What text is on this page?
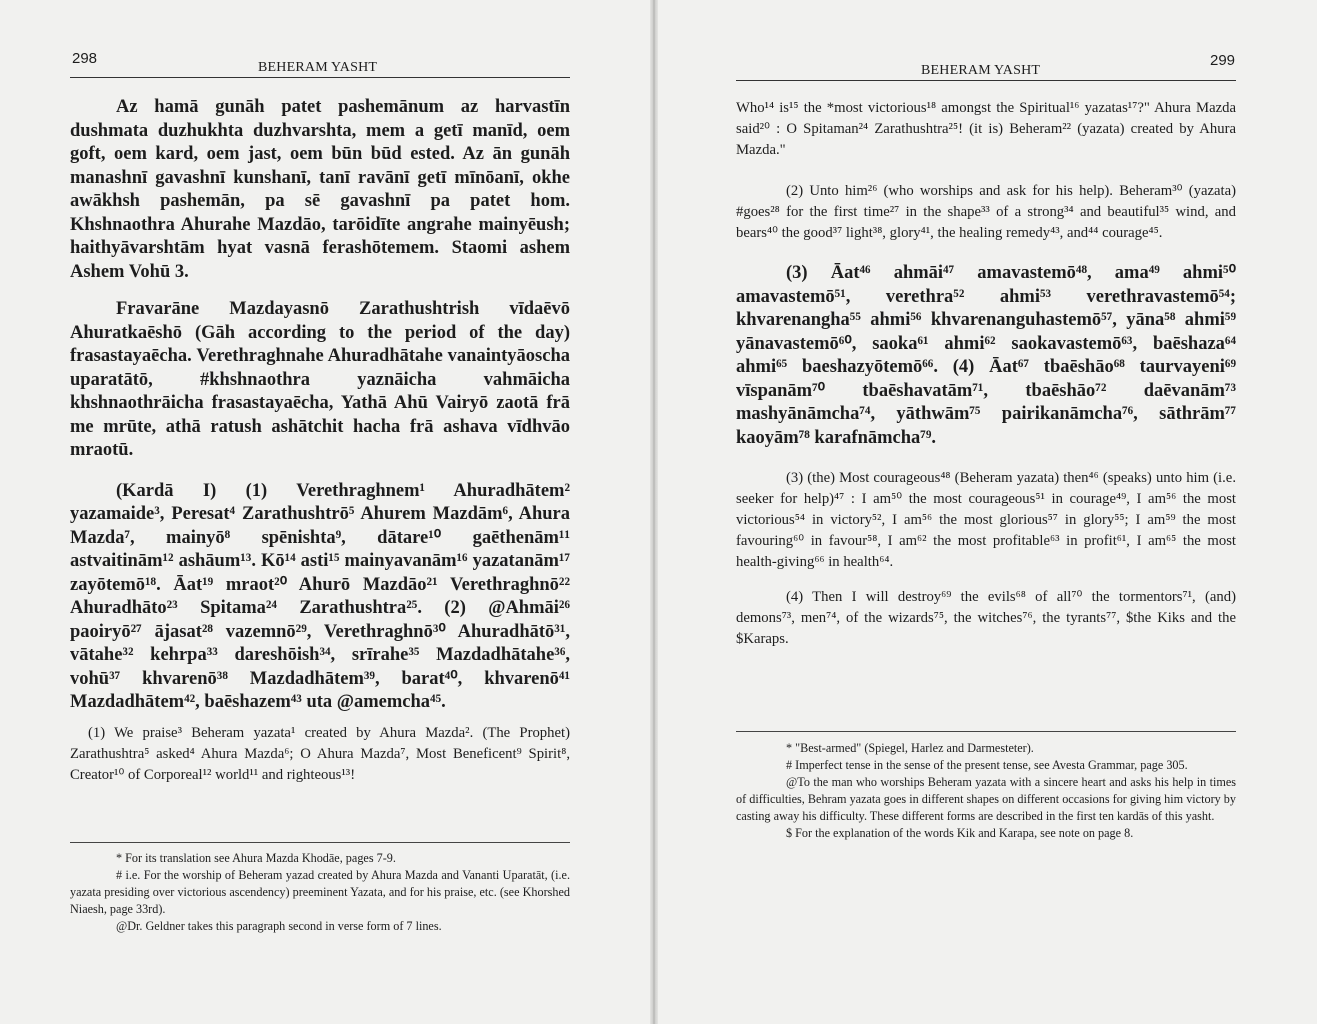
298
BEHERAM YASHT

Az hamā gunāh patet pashemānum az harvastīn dushmata duzhukhta duzhvarshta, mem a getī manīd, oem goft, oem kard, oem jast, oem būn būd ested. Az ān gunāh manashnī gavashnī kunshanī, tanī ravānī getī mīnōanī, okhe awākhsh pashemān, pa sē gavashnī pa patet hom. Khshnaothra Ahurahe Mazdāo, tarōidīte angrahe mainyēush; haithyāvarshtām hyat vasnā ferashōtemem. Staomi ashem Ashem Vohū 3.

Fravarāne Mazdayasnō Zarathushtrish vīdaēvō Ahuratkaēshō (Gāh according to the period of the day) frasastayaēcha. Verethraghnahe Ahuradhātahe vanaintyāoscha uparatātō, #khshnaothra yaznāicha vahmāicha khshnaothrāicha frasastayaēcha, Yathā Ahū Vairyō zaotā frā me mrūte, athā ratush ashātchit hacha frā ashava vīdhvāo mraotū.

(Kardā I) (1) Verethraghnem¹ Ahuradhātem² yazamaide³, Peresat⁴ Zarathushtrō⁵ Ahurem Mazdām⁶, Ahura Mazda⁷, mainyō⁸ spēnishta⁹, dātare¹⁰ gaēthenām¹¹ astvaitinām¹² ashāum¹³. Kō¹⁴ asti¹⁵ mainyavanām¹⁶ yazatanām¹⁷ zayōtemō¹⁸. Āat¹⁹ mraot²⁰ Ahurō Mazdāo²¹ Verethraghnō²² Ahuradhāto²³ Spitama²⁴ Zarathushtra²⁵. (2) @Ahmāi²⁶ paoiryō²⁷ ājasat²⁸ vazemnō²⁹, Verethraghnō³⁰ Ahuradhātō³¹, vātahe³² kehrpa³³ dareshōish³⁴, srīrahe³⁵ Mazdadhātahe³⁶, vohū³⁷ khvarenō³⁸ Mazdadhātem³⁹, barat⁴⁰, khvarenō⁴¹ Mazdadhātem⁴², baēshazem⁴³ uta @amemcha⁴⁵.

(1) We praise³ Beheram yazata¹ created by Ahura Mazda². (The Prophet) Zarathushtra⁵ asked⁴ Ahura Mazda⁶; O Ahura Mazda⁷, Most Beneficent⁹ Spirit⁸, Creator¹⁰ of Corporeal¹² world¹¹ and righteous¹³!

* For its translation see Ahura Mazda Khodāe, pages 7-9.

# i.e. For the worship of Beheram yazad created by Ahura Mazda and Vananti Uparatāt, (i.e. yazata presiding over victorious ascendency) preeminent Yazata, and for his praise, etc. (see Khorshed Niaesh, page 33rd).

@Dr. Geldner takes this paragraph second in verse form of 7 lines.

299
BEHERAM YASHT

Who¹⁴ is¹⁵ the *most victorious¹⁸ amongst the Spiritual¹⁶ yazatas¹⁷?" Ahura Mazda said²⁰ : O Spitaman²⁴ Zarathushtra²⁵! (it is) Beheram²² (yazata) created by Ahura Mazda."

(2) Unto him²⁶ (who worships and ask for his help). Beheram³⁰ (yazata) #goes²⁸ for the first time²⁷ in the shape³³ of a strong³⁴ and beautiful³⁵ wind, and bears⁴⁰ the good³⁷ light³⁸, glory⁴¹, the healing remedy⁴³, and⁴⁴ courage⁴⁵.

(3) Āat⁴⁶ ahmāi⁴⁷ amavastemō⁴⁸, ama⁴⁹ ahmi⁵⁰ amavastemō⁵¹, verethra⁵² ahmi⁵³ verethravastemō⁵⁴; khvarenangha⁵⁵ ahmi⁵⁶ khvarenanguhastemō⁵⁷, yāna⁵⁸ ahmi⁵⁹ yānavastemō⁶⁰, saoka⁶¹ ahmi⁶² saokavastemō⁶³, baēshaza⁶⁴ ahmi⁶⁵ baeshazyōtemō⁶⁶. (4) Āat⁶⁷ tbaēshāo⁶⁸ taurvayeni⁶⁹ vīspanām⁷⁰ tbaēshavatām⁷¹, tbaēshāo⁷² daēvanām⁷³ mashyānāmcha⁷⁴, yāthwām⁷⁵ pairikanāmcha⁷⁶, sāthrām⁷⁷ kaoyām⁷⁸ karafnāmcha⁷⁹.

(3) (the) Most courageous⁴⁸ (Beheram yazata) then⁴⁶ (speaks) unto him (i.e. seeker for help)⁴⁷ : I am⁵⁰ the most courageous⁵¹ in courage⁴⁹, I am⁵⁶ the most victorious⁵⁴ in victory⁵², I am⁵⁶ the most glorious⁵⁷ in glory⁵⁵; I am⁵⁹ the most favouring⁶⁰ in favour⁵⁸, I am⁶² the most profitable⁶³ in profit⁶¹, I am⁶⁵ the most health-giving⁶⁶ in health⁶⁴.

(4) Then I will destroy⁶⁹ the evils⁶⁸ of all⁷⁰ the tormentors⁷¹, (and) demons⁷³, men⁷⁴, of the wizards⁷⁵, the witches⁷⁶, the tyrants⁷⁷, $the Kiks and the $Karaps.

* "Best-armed" (Spiegel, Harlez and Darmesteter).

# Imperfect tense in the sense of the present tense, see Avesta Grammar, page 305.

@To the man who worships Beheram yazata with a sincere heart and asks his help in times of difficulties, Behram yazata goes in different shapes on different occasions for giving him victory by casting away his difficulty. These different forms are described in the first ten kardās of this yasht.

$ For the explanation of the words Kik and Karapa, see note on page 8.
